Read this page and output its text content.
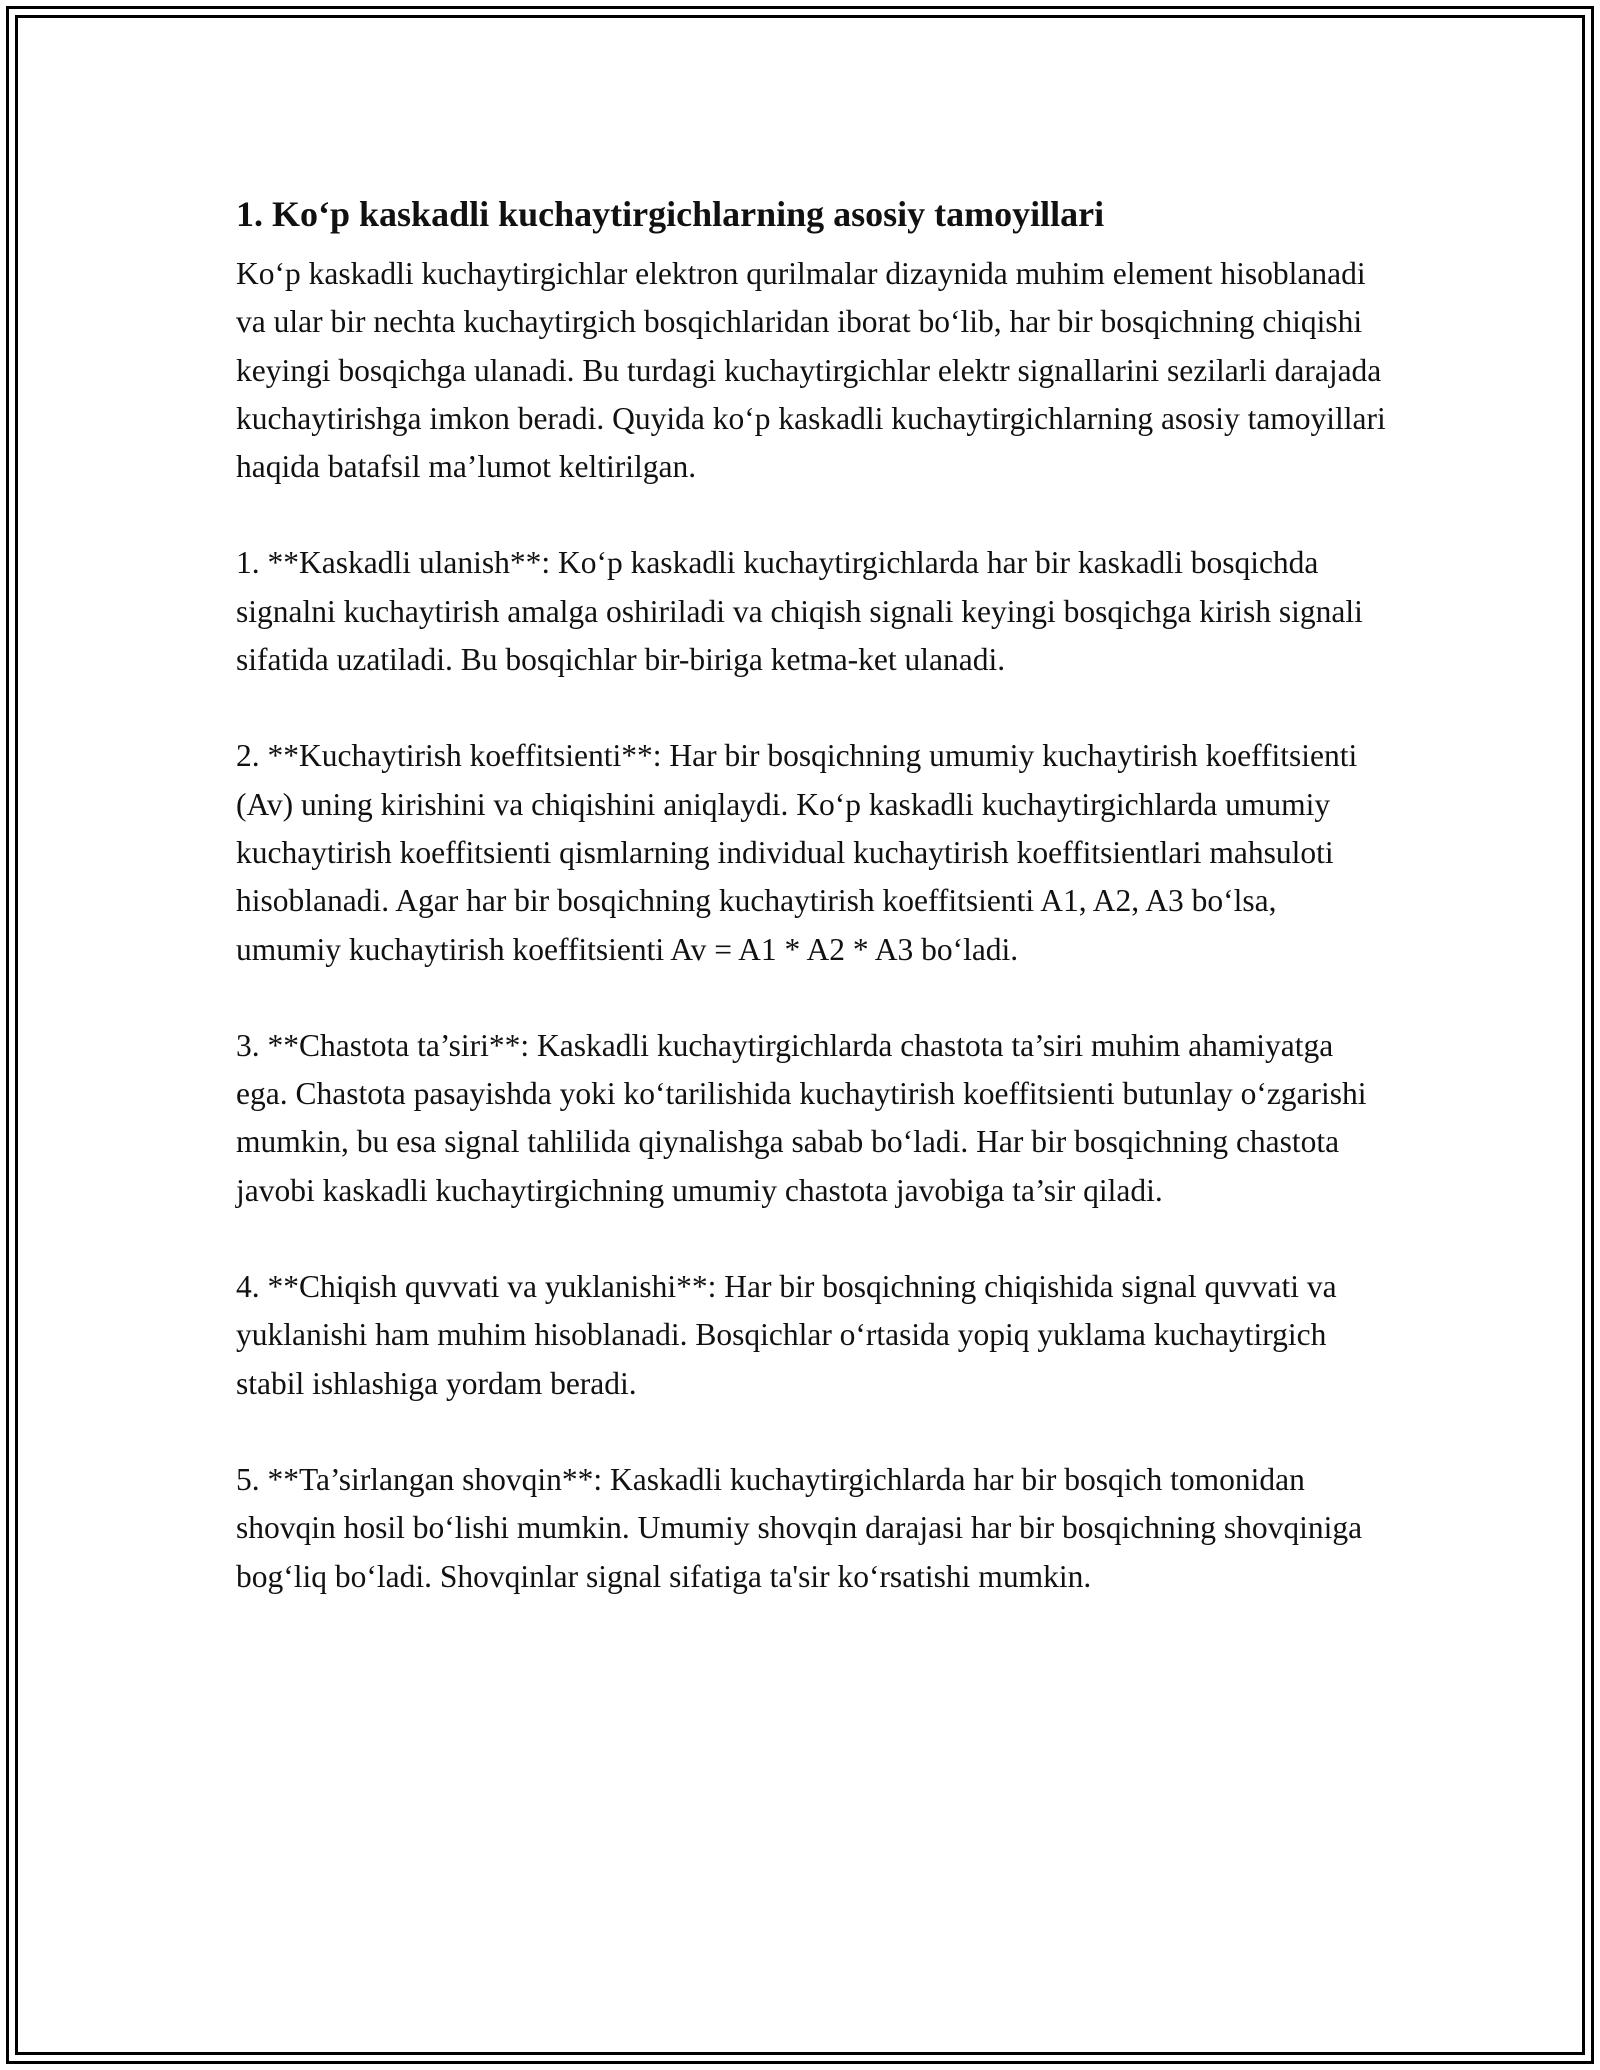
1. Ko‘p kaskadli kuchaytirgichlarning asosiy tamoyillari

Ko‘p kaskadli kuchaytirgichlar elektron qurilmalar dizaynida muhim element hisoblanadi va ular bir nechta kuchaytirgich bosqichlaridan iborat bo‘lib, har bir bosqichning chiqishi keyingi bosqichga ulanadi. Bu turdagi kuchaytirgichlar elektr signallarini sezilarli darajada kuchaytirishga imkon beradi. Quyida ko‘p kaskadli kuchaytirgichlarning asosiy tamoyillari haqida batafsil ma’lumot keltirilgan.

1. **Kaskadli ulanish**: Ko‘p kaskadli kuchaytirgichlarda har bir kaskadli bosqichda signalni kuchaytirish amalga oshiriladi va chiqish signali keyingi bosqichga kirish signali sifatida uzatiladi. Bu bosqichlar bir-biriga ketma-ket ulanadi.

2. **Kuchaytirish koeffitsienti**: Har bir bosqichning umumiy kuchaytirish koeffitsienti (Av) uning kirishini va chiqishini aniqlaydi. Ko‘p kaskadli kuchaytirgichlarda umumiy kuchaytirish koeffitsienti qismlarning individual kuchaytirish koeffitsientlari mahsuloti hisoblanadi. Agar har bir bosqichning kuchaytirish koeffitsienti A1, A2, A3 bo‘lsa, umumiy kuchaytirish koeffitsienti Av = A1 * A2 * A3 bo‘ladi.

3. **Chastota ta’siri**: Kaskadli kuchaytirgichlarda chastota ta’siri muhim ahamiyatga ega. Chastota pasayishda yoki ko‘tarilishida kuchaytirish koeffitsienti butunlay o‘zgarishi mumkin, bu esa signal tahlilida qiynalishga sabab bo‘ladi. Har bir bosqichning chastota javobi kaskadli kuchaytirgichning umumiy chastota javobiga ta’sir qiladi.

4. **Chiqish quvvati va yuklanishi**: Har bir bosqichning chiqishida signal quvvati va yuklanishi ham muhim hisoblanadi. Bosqichlar o‘rtasida yopiq yuklama kuchaytirgich stabil ishlashiga yordam beradi.

5. **Ta’sirlangan shovqin**: Kaskadli kuchaytirgichlarda har bir bosqich tomonidan shovqin hosil bo‘lishi mumkin. Umumiy shovqin darajasi har bir bosqichning shovqiniga bog‘liq bo‘ladi. Shovqinlar signal sifatiga ta'sir ko‘rsatishi mumkin.
